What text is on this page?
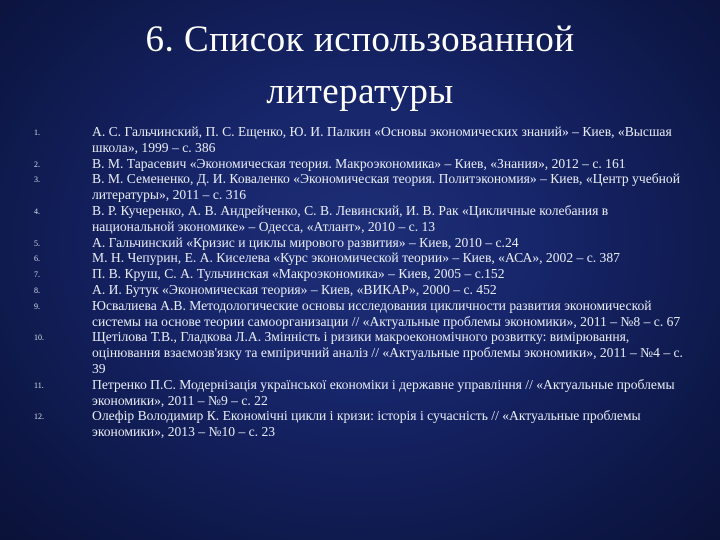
6. Список использованной
литературы
1.	А. С. Гальчинский, П. С. Ещенко, Ю. И. Палкин «Основы экономических знаний» – Киев, «Высшая школа», 1999 – с. 386
2.	В. М. Тарасевич «Экономическая теория. Макроэкономика» – Киев, «Знания», 2012 – с. 161
3.	В. М. Семененко, Д. И. Коваленко «Экономическая теория. Политэкономия» – Киев, «Центр учебной литературы», 2011 – с. 316
4.	В. Р. Кучеренко, А. В. Андрейченко, С. В. Левинский, И. В. Рак «Цикличные колебания в национальной экономике» – Одесса, «Атлант», 2010 – с. 13
5.	А. Гальчинский «Кризис и циклы мирового развития» – Киев, 2010 – с.24
6.	М. Н. Чепурин, Е. А. Киселева «Курс экономической теории» – Киев, «АСА», 2002 – с. 387
7.	П. В. Круш, С. А. Тульчинская «Макроэкономика» – Киев, 2005 – с.152
8.	А. И. Бутук «Экономическая теория» – Киев, «ВИКАР», 2000 – с. 452
9.	Юсвалиева А.В. Методологические основы исследования цикличности развития экономической системы на основе теории самоорганизации // «Актуальные проблемы экономики», 2011 – №8 – с. 67
10.	Щетілова Т.В., Гладкова Л.А. Змінність і ризики макроекономічного розвитку: вимірювання, оцінювання взаємозв'язку та емпіричний аналіз // «Актуальные проблемы экономики», 2011 – №4 – с. 39
11.	Петренко П.С. Модернізація української економіки і державне управління // «Актуальные проблемы экономики», 2011 – №9 – с. 22
12.	Олефір Володимир К. Економічні цикли і кризи: історія і сучасність // «Актуальные проблемы экономики», 2013 – №10 – с. 23
